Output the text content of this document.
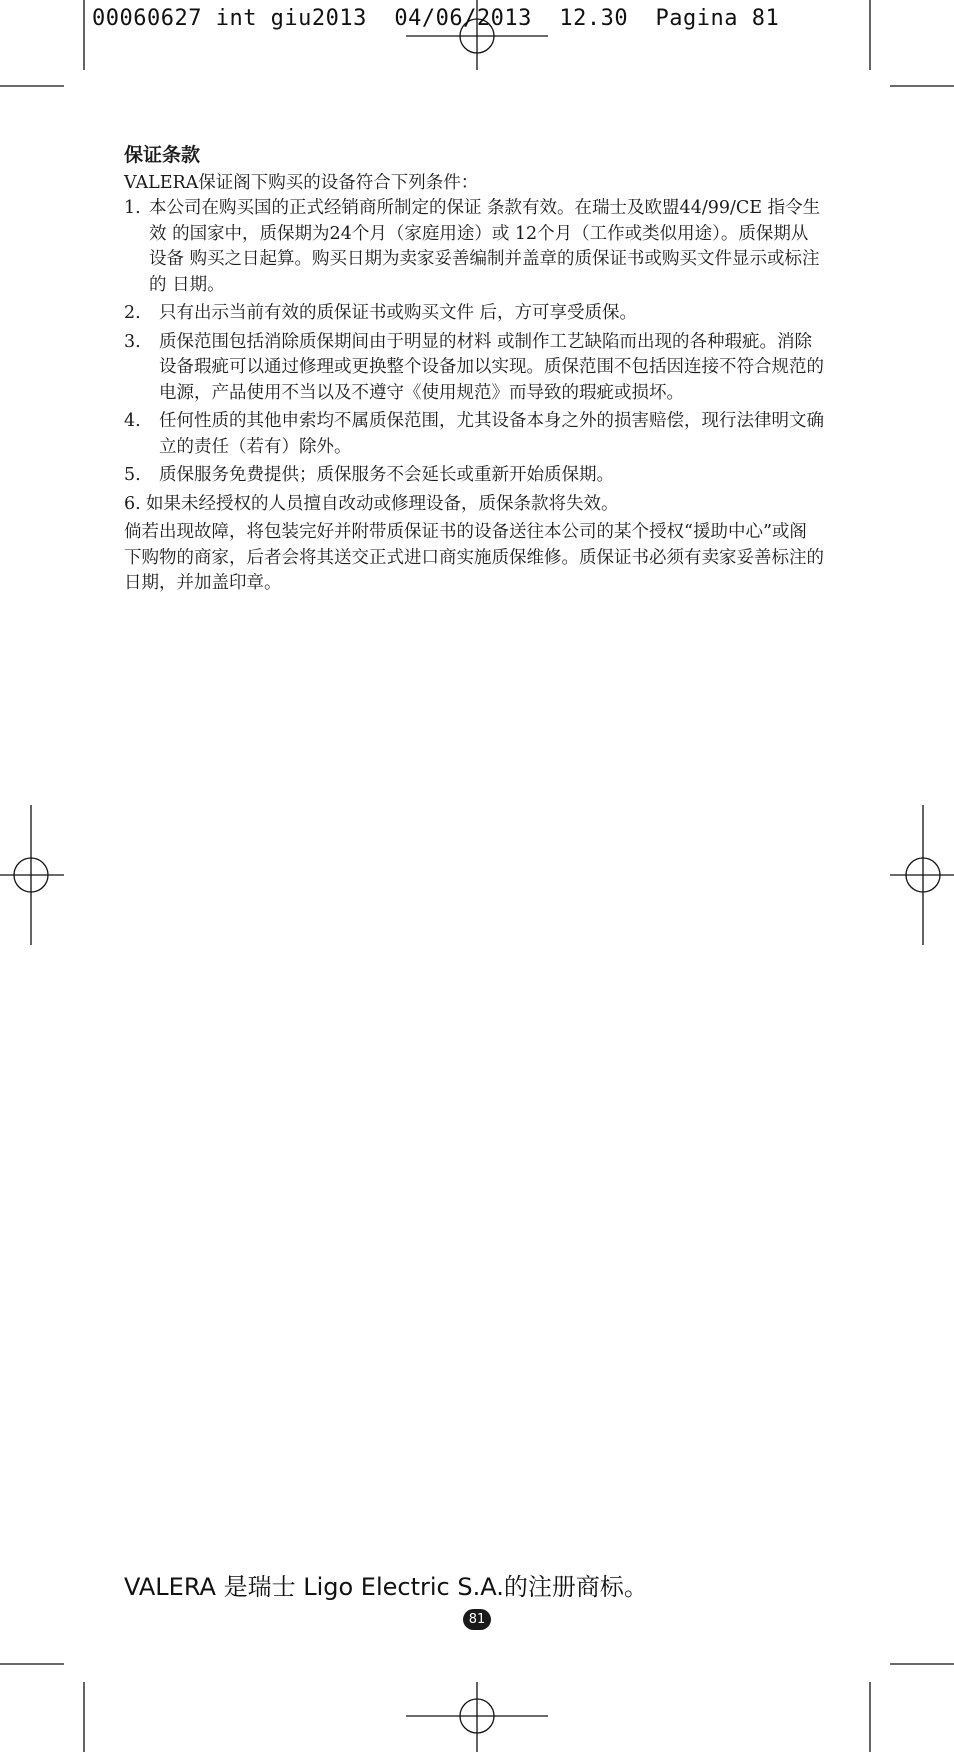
00060627 int giu2013  04/06/2013  12.30  Pagina 81
保证条款
VALERA保证阁下购买的设备符合下列条件：
1. 本公司在购买国的正式经销商所制定的保证 条款有效。在瑞士及欧盟44/99/CE 指令生效 的国家中，质保期为24个月（家庭用途）或 12个月（工作或类似用途）。质保期从设备 购买之日起算。购买日期为卖家妥善编制并盖章的质保证书或购买文件显示或标注的 日期。
2.	只有出示当前有效的质保证书或购买文件 后，方可享受质保。
3.	质保范围包括消除质保期间由于明显的材料 或制作工艺缺陷而出现的各种瑕疵。消除设备瑕疵可以通过修理或更换整个设备加以实现。质保范围不包括因连接不符合规范的电源，产品使用不当以及不遵守《使用规范》而导致的瑕疵或损坏。
4.	任何性质的其他申索均不属质保范围，尤其设备本身之外的损害赔偿，现行法律明文确立的责任（若有）除外。
5.	质保服务免费提供；质保服务不会延长或重新开始质保期。
6. 如果未经授权的人员擅自改动或修理设备，质保条款将失效。
倘若出现故障，将包装完好并附带质保证书的设备送往本公司的某个授权“援助中心”或阁下购物的商家，后者会将其送交正式进口商实施质保维修。质保证书必须有卖家妥善标注的日期，并加盖印章。
VALERA 是瑞士 Ligo Electric S.A.的注册商标。
81
